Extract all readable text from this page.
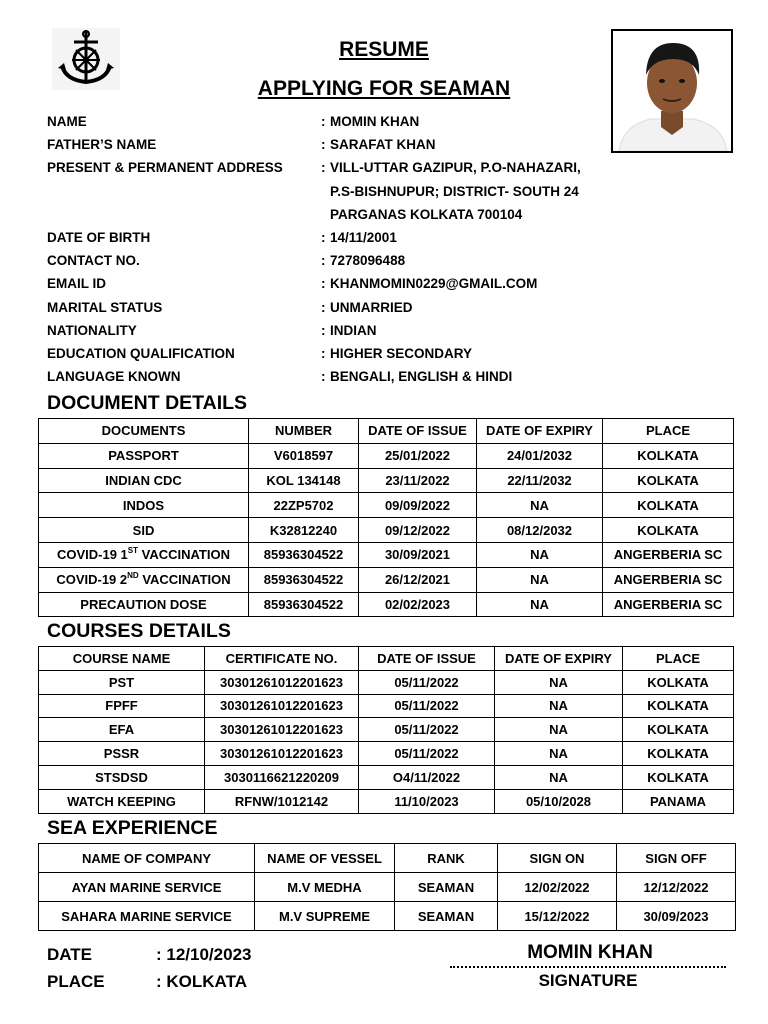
RESUME
APPLYING FOR SEAMAN
NAME	: MOMIN KHAN
FATHER’S NAME	: SARAFAT KHAN
PRESENT & PERMANENT ADDRESS	: VILL-UTTAR GAZIPUR, P.O-NAHAZARI,
P.S-BISHNUPUR; DISTRICT- SOUTH 24
PARGANAS KOLKATA 700104
DATE OF BIRTH	: 14/11/2001
CONTACT NO.	: 7278096488
EMAIL ID	: KHANMOMIN0229@GMAIL.COM
MARITAL STATUS	: UNMARRIED
NATIONALITY	: INDIAN
EDUCATION QUALIFICATION	: HIGHER SECONDARY
LANGUAGE KNOWN	: BENGALI, ENGLISH & HINDI
DOCUMENT DETAILS
DOCUMENTS	NUMBER	DATE OF ISSUE	DATE OF EXPIRY	PLACE
PASSPORT	V6018597	25/01/2022	24/01/2032	KOLKATA
INDIAN CDC	KOL 134148	23/11/2022	22/11/2032	KOLKATA
INDOS	22ZP5702	09/09/2022	NA	KOLKATA
SID	K32812240	09/12/2022	08/12/2032	KOLKATA
COVID-19 1ST VACCINATION	85936304522	30/09/2021	NA	ANGERBERIA SC
COVID-19 2ND VACCINATION	85936304522	26/12/2021	NA	ANGERBERIA SC
PRECAUTION DOSE	85936304522	02/02/2023	NA	ANGERBERIA SC
COURSES DETAILS
COURSE NAME	CERTIFICATE NO.	DATE OF ISSUE	DATE OF EXPIRY	PLACE
PST	30301261012201623	05/11/2022	NA	KOLKATA
FPFF	30301261012201623	05/11/2022	NA	KOLKATA
EFA	30301261012201623	05/11/2022	NA	KOLKATA
PSSR	30301261012201623	05/11/2022	NA	KOLKATA
STSDSD	3030116621220209	O4/11/2022	NA	KOLKATA
WATCH KEEPING	RFNW/1012142	11/10/2023	05/10/2028	PANAMA
SEA EXPERIENCE
NAME OF COMPANY	NAME OF VESSEL	RANK	SIGN ON	SIGN OFF
AYAN MARINE SERVICE	M.V MEDHA	SEAMAN	12/02/2022	12/12/2022
SAHARA MARINE SERVICE	M.V SUPREME	SEAMAN	15/12/2022	30/09/2023
DATE	: 12/10/2023
PLACE	: KOLKATA
MOMIN KHAN
SIGNATURE
